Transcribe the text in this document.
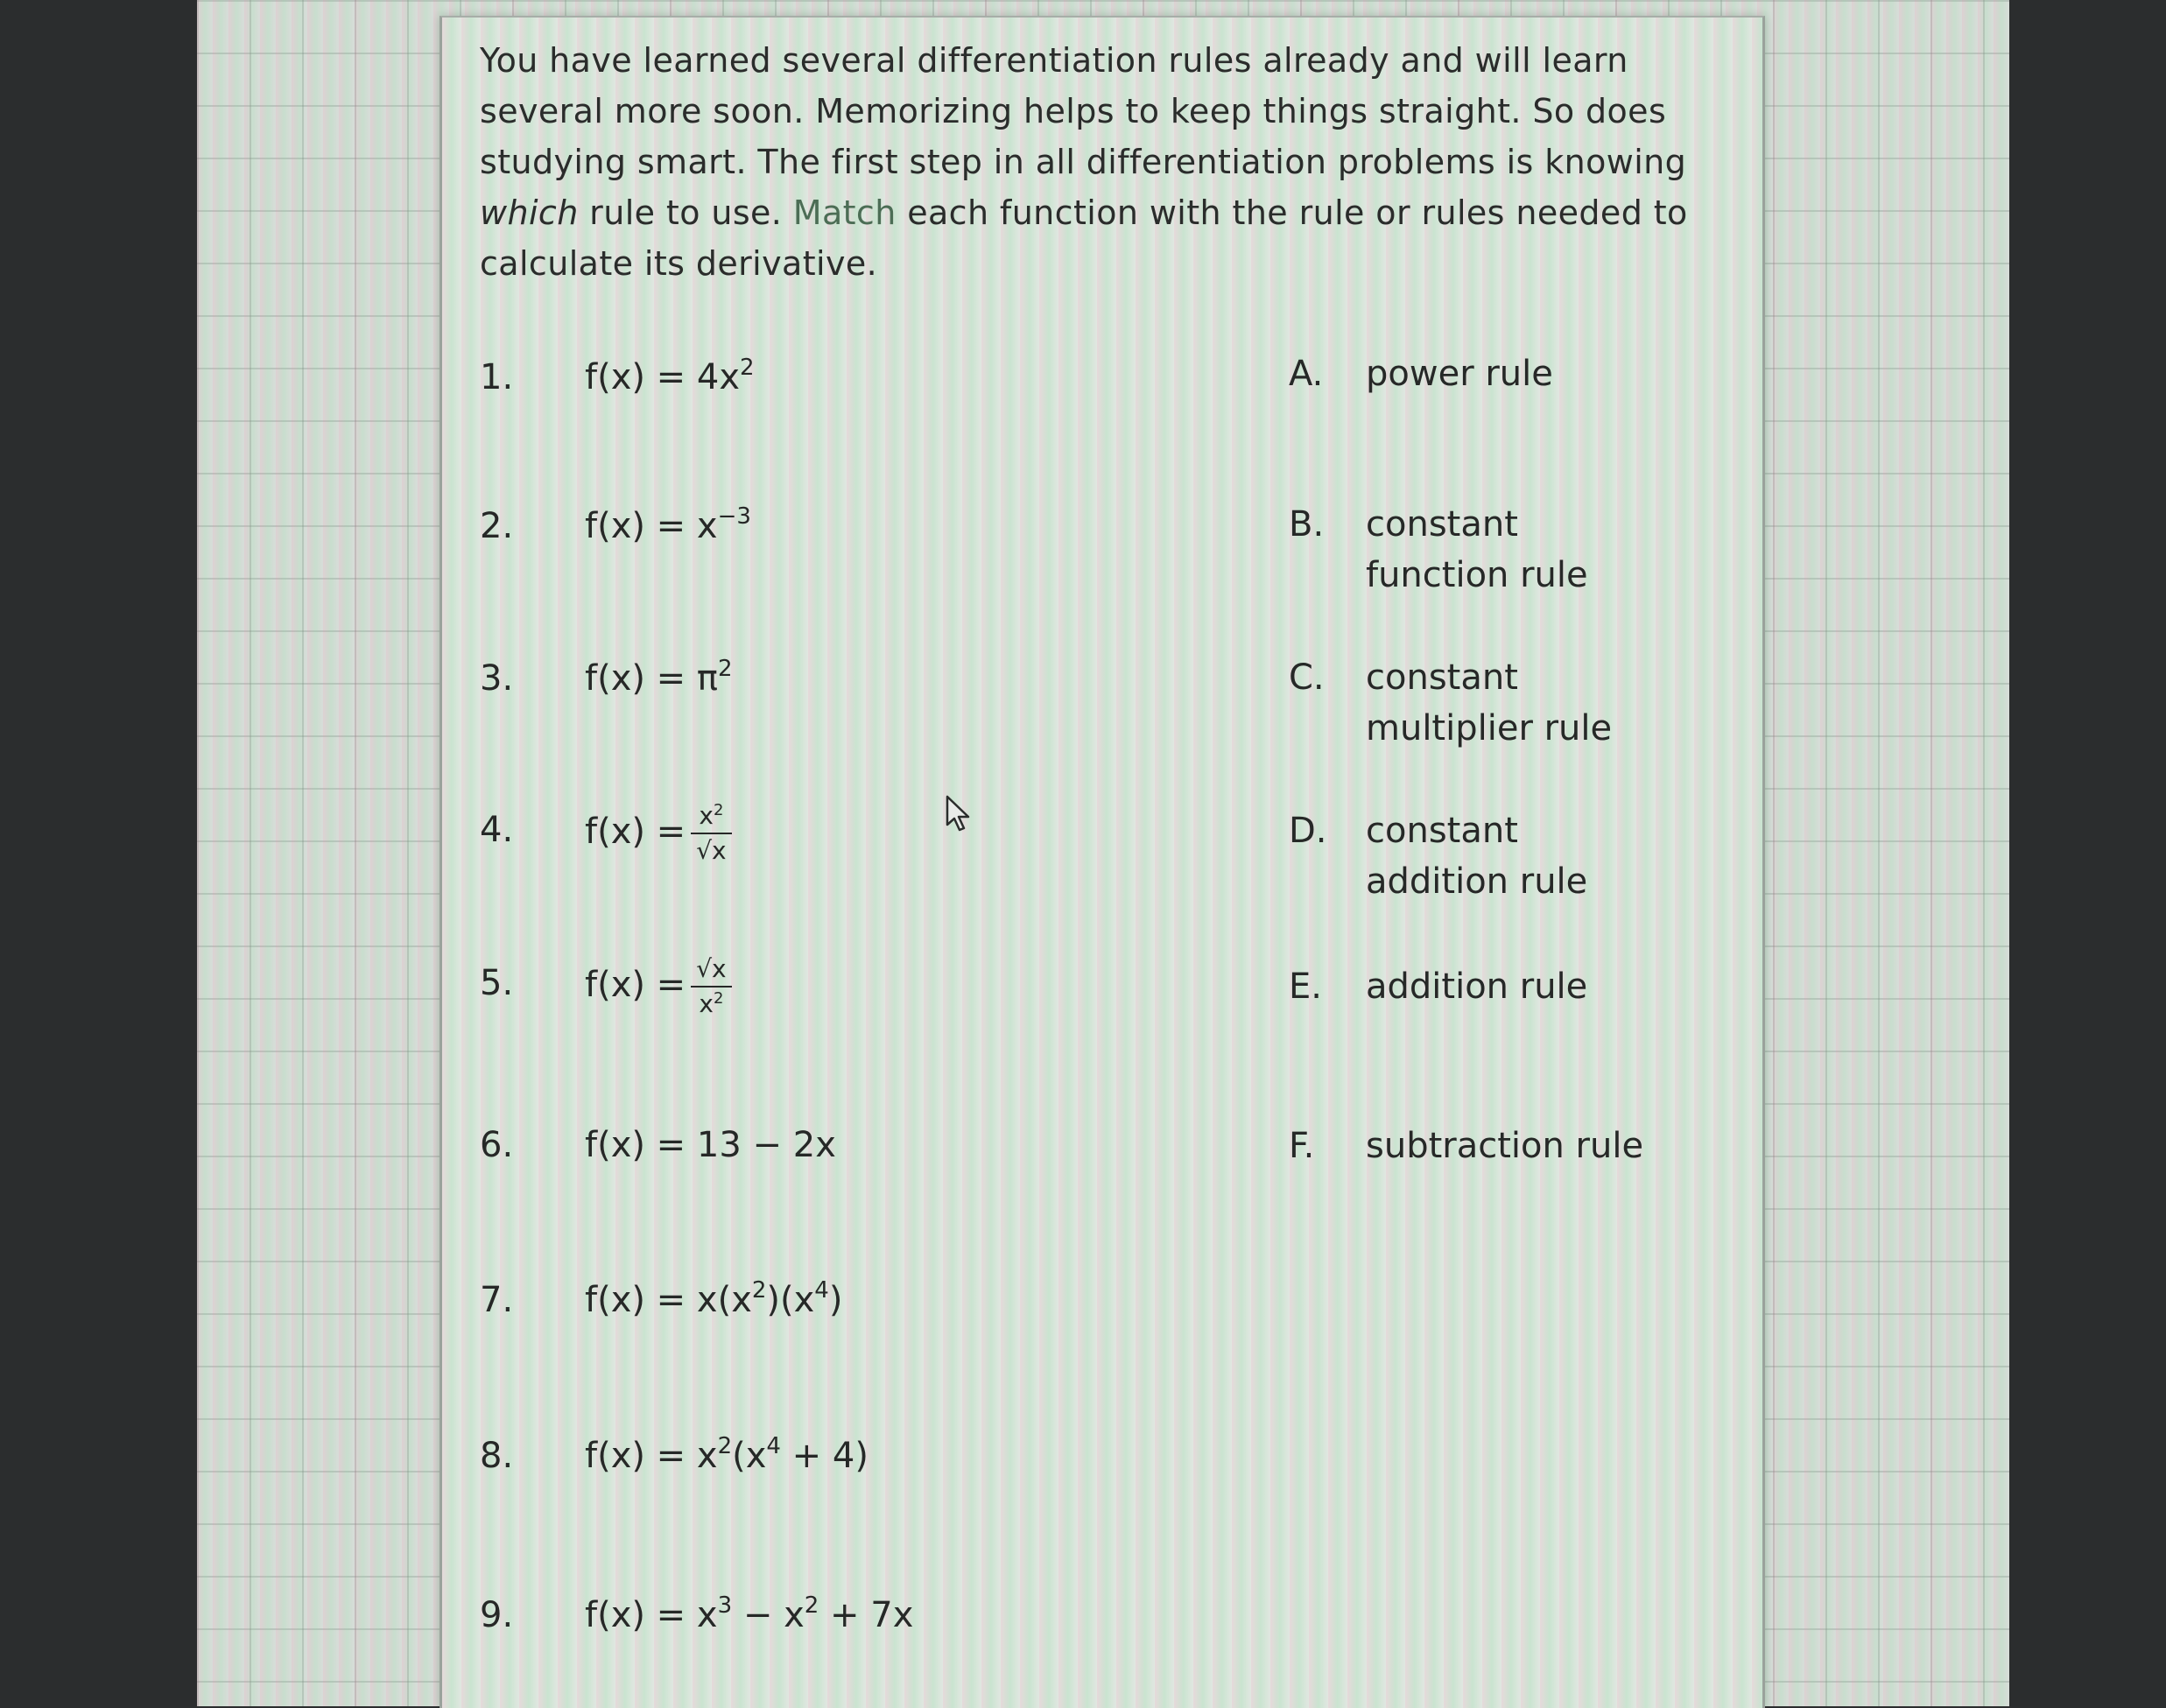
You have learned several differentiation rules already and will learn several more soon. Memorizing helps to keep things straight. So does studying smart. The first step in all differentiation problems is knowing which rule to use. Match each function with the rule or rules needed to calculate its derivative.
1.	$f(x) = 4x^2$
2.	$f(x) = x^{-3}$
3.	$f(x) = \pi^2$
4.	$f(x) = \frac{x^2}{√x}$
5.	$f(x) = \frac{√x}{x^2}$
6.	f(x) = 13 − 2x
7.	$f(x) = x(x^2)(x^4)$
8.	$f(x) = x^2(x^4 + 4)$
9.	$f(x) = x^3 - x^2 + 7x$
A. power rule
B. constant function rule
C. constant multiplier rule
D. constant addition rule
E. addition rule
F. subtraction rule
